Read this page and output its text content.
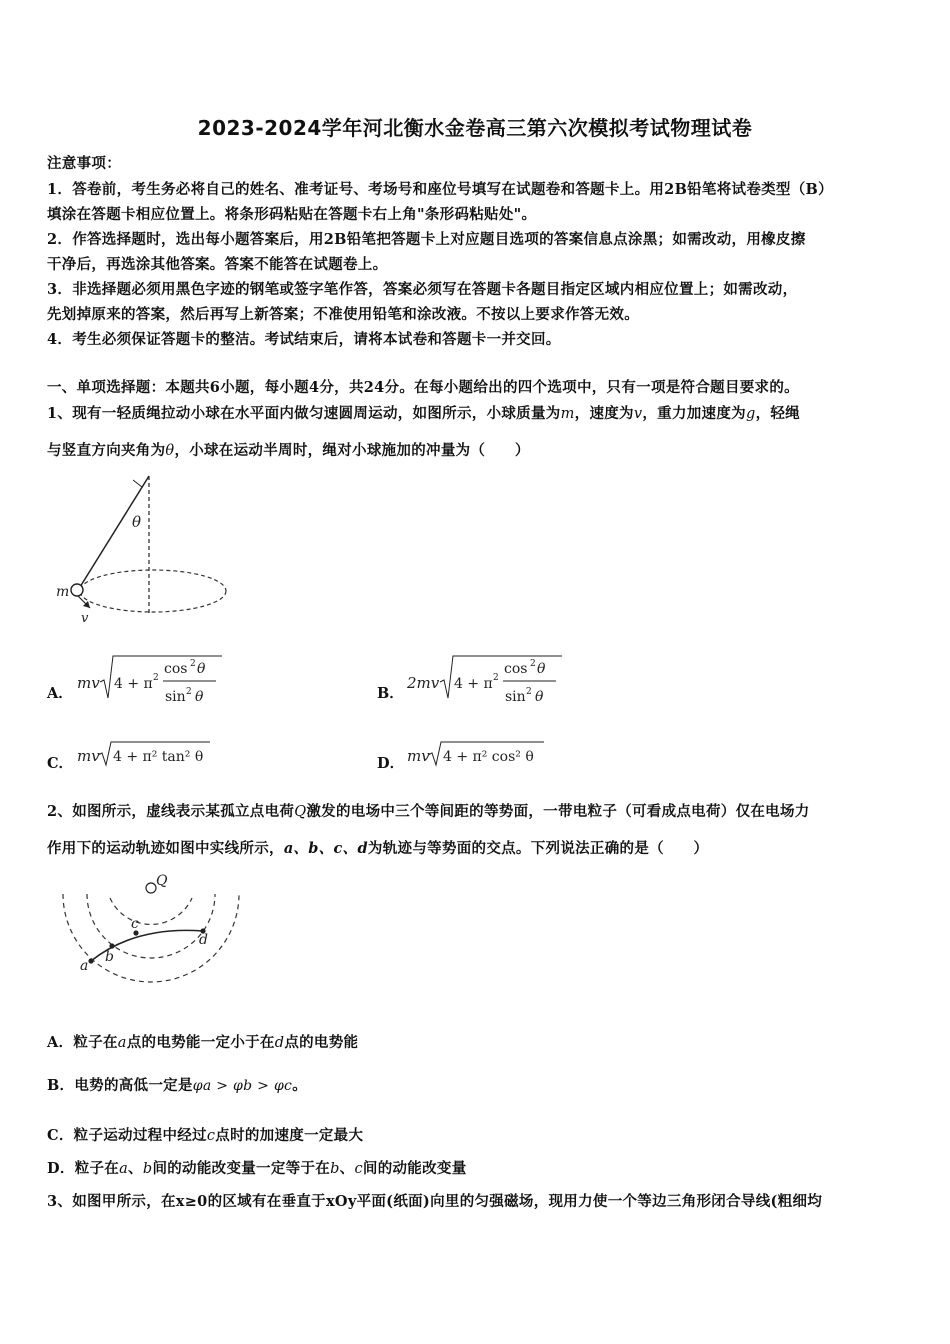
2023-2024学年河北衡水金卷高三第六次模拟考试物理试卷
注意事项：
1．答卷前，考生务必将自己的姓名、准考证号、考场号和座位号填写在试题卷和答题卡上。用2B铅笔将试卷类型（B）
填涂在答题卡相应位置上。将条形码粘贴在答题卡右上角"条形码粘贴处"。
2．作答选择题时，选出每小题答案后，用2B铅笔把答题卡上对应题目选项的答案信息点涂黑；如需改动，用橡皮擦
干净后，再选涂其他答案。答案不能答在试题卷上。
3．非选择题必须用黑色字迹的钢笔或签字笔作答，答案必须写在答题卡各题目指定区域内相应位置上；如需改动，
先划掉原来的答案，然后再写上新答案；不准使用铅笔和涂改液。不按以上要求作答无效。
4．考生必须保证答题卡的整洁。考试结束后，请将本试卷和答题卡一并交回。
一、单项选择题：本题共6小题，每小题4分，共24分。在每小题给出的四个选项中，只有一项是符合题目要求的。
1、现有一轻质绳拉动小球在水平面内做匀速圆周运动，如图所示，小球质量为m，速度为v，重力加速度为g，轻绳
与竖直方向夹角为θ，小球在运动半周时，绳对小球施加的冲量为（　　）
θ
m
v
A．
mv 4 + π 2
cos 2 θ
sin 2 θ	B．
2mv 4 + π 2
cos 2 θ
sin 2 θ
C． mv 4 + π² tan² θ	D． mv 4 + π² cos² θ
2、如图所示，虚线表示某孤立点电荷Q激发的电场中三个等间距的等势面，一带电粒子（可看成点电荷）仅在电场力
作用下的运动轨迹如图中实线所示，a、b、c、d为轨迹与等势面的交点。下列说法正确的是（　　）
Q
a
b
c
d
A．粒子在a点的电势能一定小于在d点的电势能
B．电势的高低一定是φa > φb > φc。
C．粒子运动过程中经过c点时的加速度一定最大
D．粒子在a、b间的动能改变量一定等于在b、c间的动能改变量
3、如图甲所示，在x≥0的区域有在垂直于xOy平面(纸面)向里的匀强磁场，现用力使一个等边三角形闭合导线(粗细均
